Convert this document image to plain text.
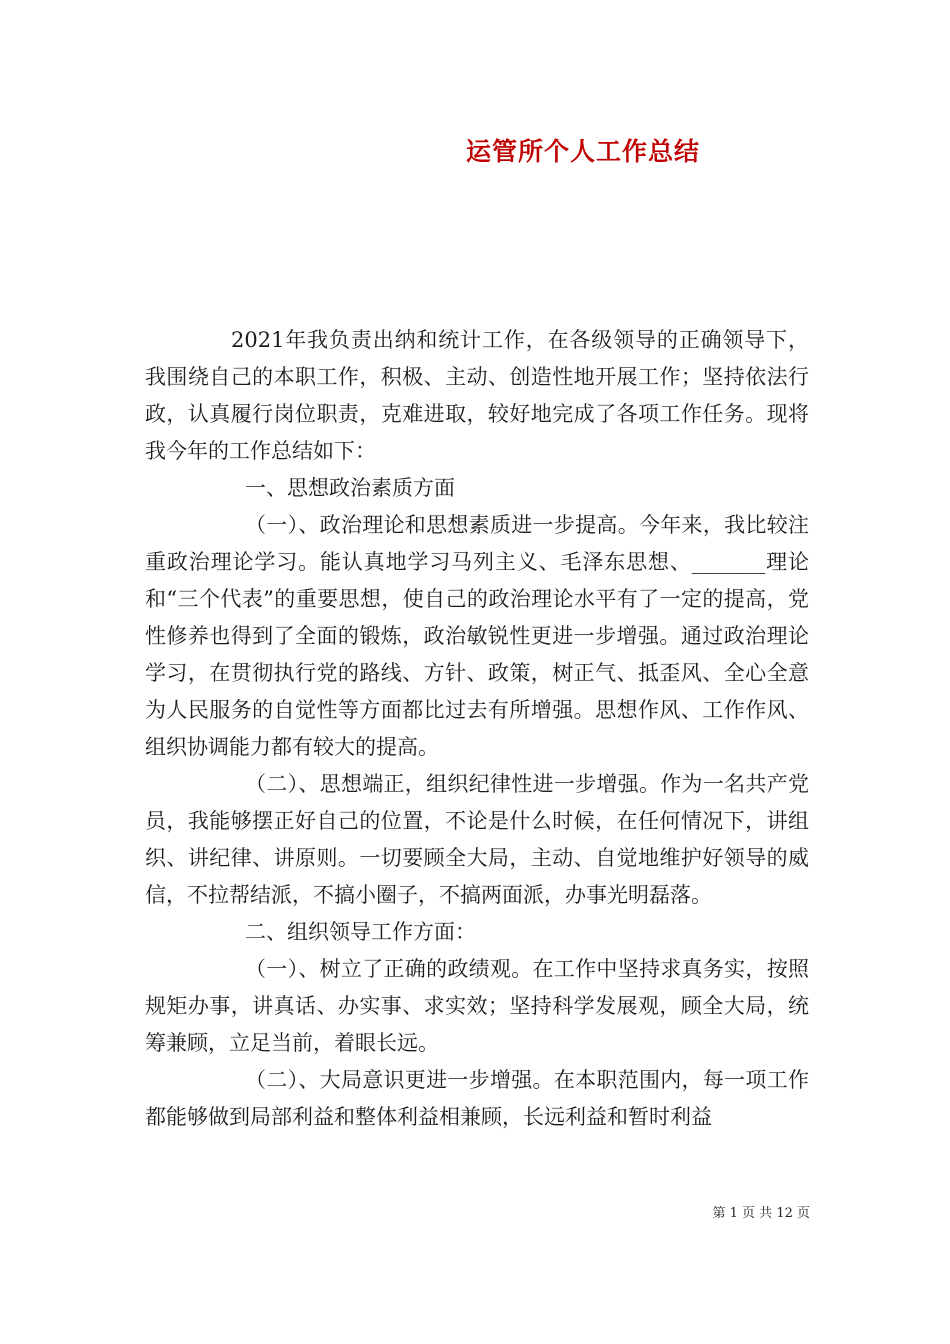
运管所个人工作总结

2021年我负责出纳和统计工作，在各级领导的正确领导下，我围绕自己的本职工作，积极、主动、创造性地开展工作；坚持依法行政，认真履行岗位职责，克难进取，较好地完成了各项工作任务。现将我今年的工作总结如下：

一、思想政治素质方面

（一）、政治理论和思想素质进一步提高。今年来，我比较注重政治理论学习。能认真地学习马列主义、毛泽东思想、_______理论和“三个代表”的重要思想，使自己的政治理论水平有了一定的提高，党性修养也得到了全面的锻炼，政治敏锐性更进一步增强。通过政治理论学习，在贯彻执行党的路线、方针、政策，树正气、抵歪风、全心全意为人民服务的自觉性等方面都比过去有所增强。思想作风、工作作风、组织协调能力都有较大的提高。

（二）、思想端正，组织纪律性进一步增强。作为一名共产党员，我能够摆正好自己的位置，不论是什么时候，在任何情况下，讲组织、讲纪律、讲原则。一切要顾全大局，主动、自觉地维护好领导的威信，不拉帮结派，不搞小圈子，不搞两面派，办事光明磊落。

二、组织领导工作方面：

（一）、树立了正确的政绩观。在工作中坚持求真务实，按照规矩办事，讲真话、办实事、求实效；坚持科学发展观，顾全大局，统筹兼顾，立足当前，着眼长远。

（二）、大局意识更进一步增强。在本职范围内，每一项工作都能够做到局部利益和整体利益相兼顾，长远利益和暂时利益

第 1 页 共 12 页
